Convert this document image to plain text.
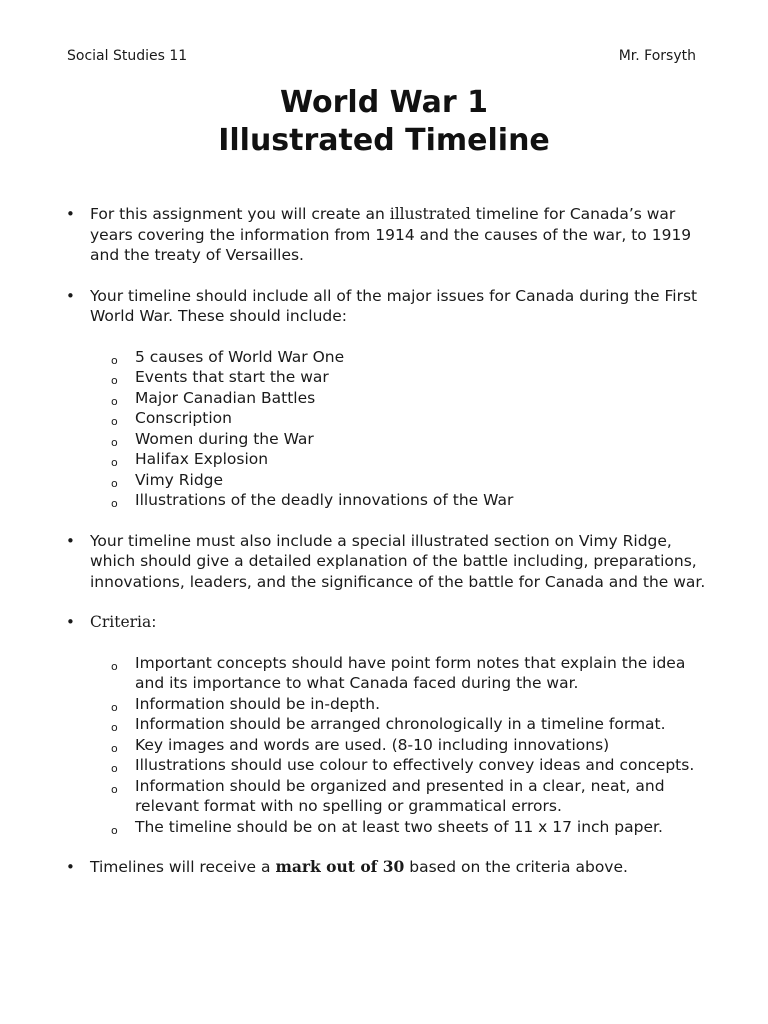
Social Studies 11	Mr. Forsyth
World War 1
Illustrated Timeline
• For this assignment you will create an illustrated timeline for Canada’s war years covering the information from 1914 and the causes of the war, to 1919 and the treaty of Versailles.
• Your timeline should include all of the major issues for Canada during the First World War. These should include:
o 5 causes of World War One
o Events that start the war
o Major Canadian Battles
o Conscription
o Women during the War
o Halifax Explosion
o Vimy Ridge
o Illustrations of the deadly innovations of the War
• Your timeline must also include a special illustrated section on Vimy Ridge, which should give a detailed explanation of the battle including, preparations, innovations, leaders, and the significance of the battle for Canada and the war.
• Criteria:
o Important concepts should have point form notes that explain the idea and its importance to what Canada faced during the war.
o Information should be in-depth.
o Information should be arranged chronologically in a timeline format.
o Key images and words are used. (8-10 including innovations)
o Illustrations should use colour to effectively convey ideas and concepts.
o Information should be organized and presented in a clear, neat, and relevant format with no spelling or grammatical errors.
o The timeline should be on at least two sheets of 11 x 17 inch paper.
• Timelines will receive a mark out of 30 based on the criteria above.
